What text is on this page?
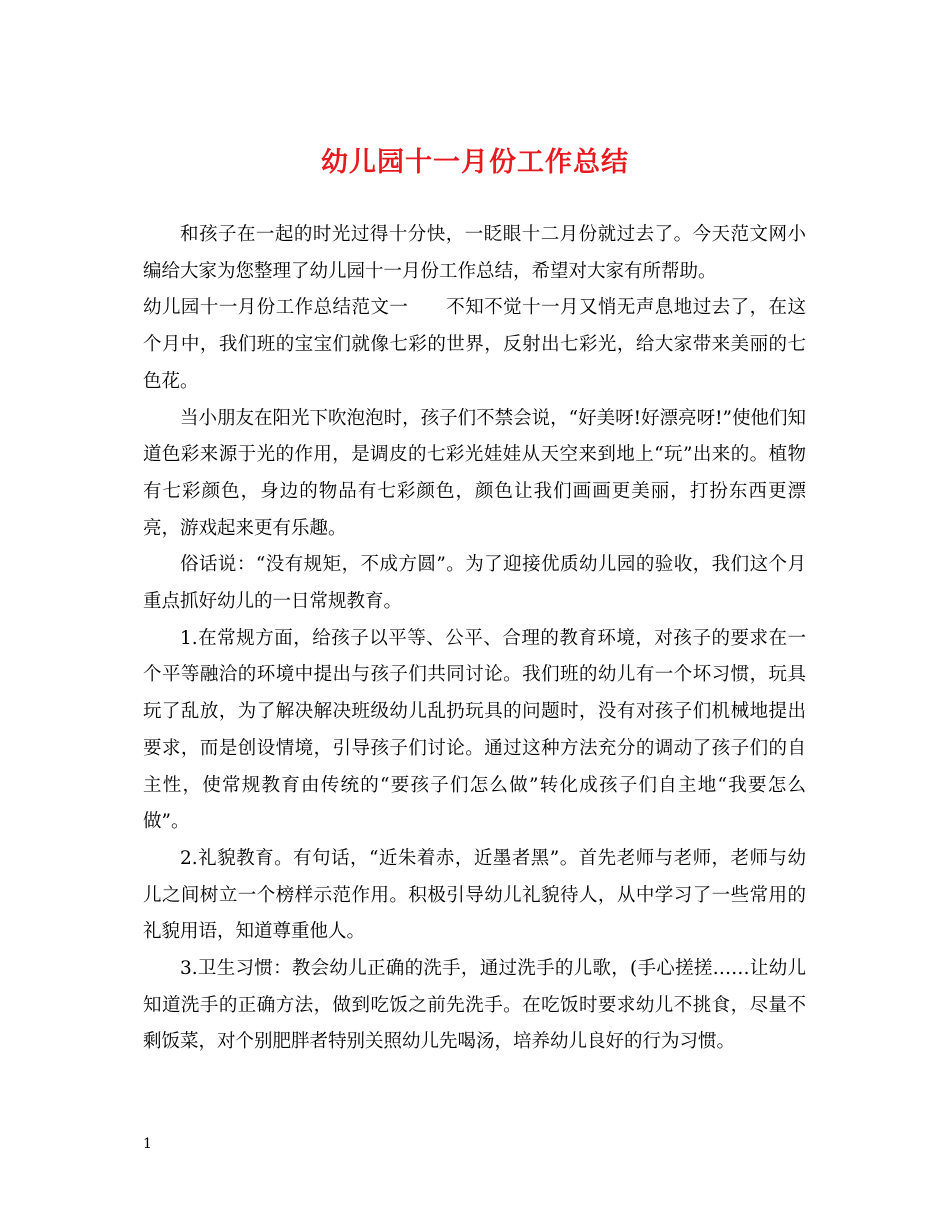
幼儿园十一月份工作总结

和孩子在一起的时光过得十分快，一眨眼十二月份就过去了。今天范文网小编给大家为您整理了幼儿园十一月份工作总结，希望对大家有所帮助。

幼儿园十一月份工作总结范文一　　不知不觉十一月又悄无声息地过去了，在这个月中，我们班的宝宝们就像七彩的世界，反射出七彩光，给大家带来美丽的七色花。

当小朋友在阳光下吹泡泡时，孩子们不禁会说，“好美呀!好漂亮呀!”使他们知道色彩来源于光的作用，是调皮的七彩光娃娃从天空来到地上“玩”出来的。植物有七彩颜色，身边的物品有七彩颜色，颜色让我们画画更美丽，打扮东西更漂亮，游戏起来更有乐趣。

俗话说：“没有规矩，不成方圆”。为了迎接优质幼儿园的验收，我们这个月重点抓好幼儿的一日常规教育。

1.在常规方面，给孩子以平等、公平、合理的教育环境，对孩子的要求在一个平等融洽的环境中提出与孩子们共同讨论。我们班的幼儿有一个坏习惯，玩具玩了乱放，为了解决解决班级幼儿乱扔玩具的问题时，没有对孩子们机械地提出要求，而是创设情境，引导孩子们讨论。通过这种方法充分的调动了孩子们的自主性，使常规教育由传统的“要孩子们怎么做”转化成孩子们自主地“我要怎么做”。

2.礼貌教育。有句话，“近朱着赤，近墨者黑”。首先老师与老师，老师与幼儿之间树立一个榜样示范作用。积极引导幼儿礼貌待人，从中学习了一些常用的礼貌用语，知道尊重他人。

3.卫生习惯：教会幼儿正确的洗手，通过洗手的儿歌，(手心搓搓……让幼儿知道洗手的正确方法，做到吃饭之前先洗手。在吃饭时要求幼儿不挑食，尽量不剩饭菜，对个别肥胖者特别关照幼儿先喝汤，培养幼儿良好的行为习惯。

1
